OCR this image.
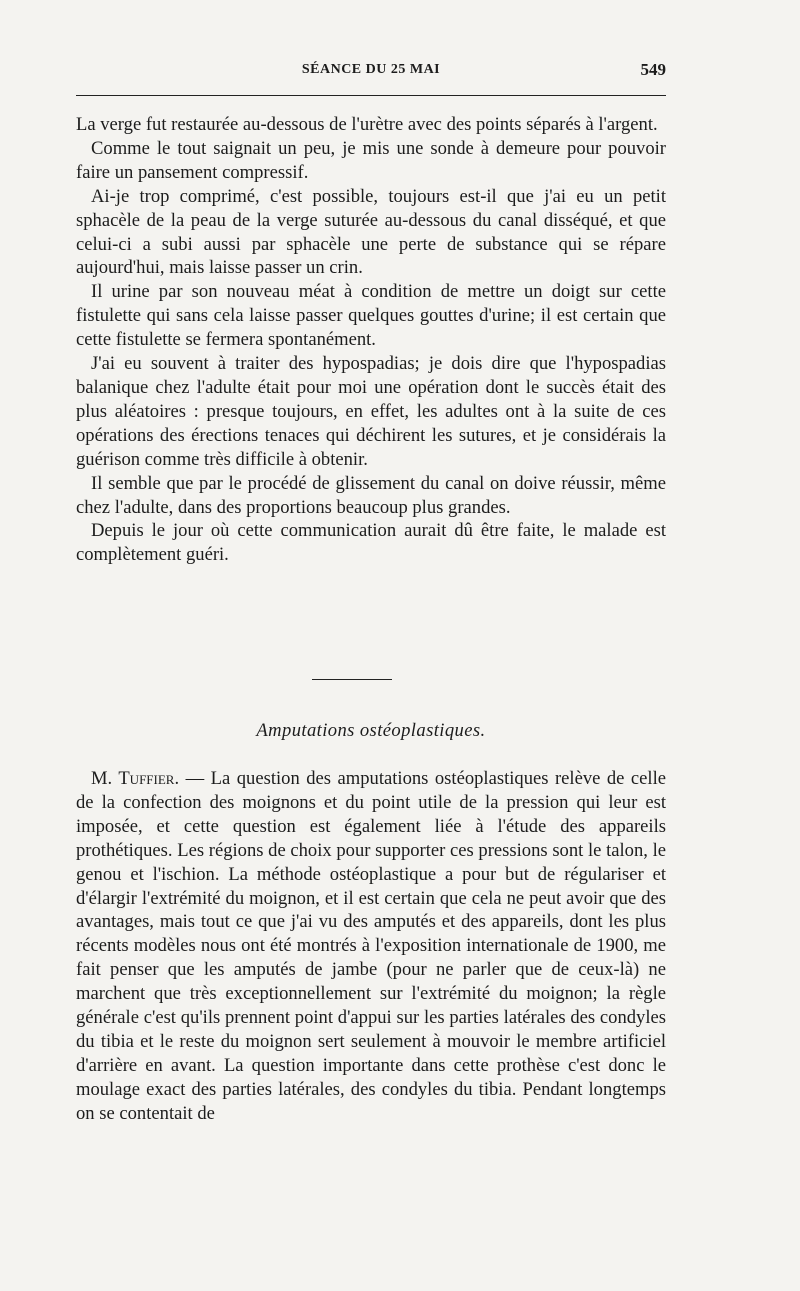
SÉANCE DU 25 MAI	549

La verge fut restaurée au-dessous de l'urètre avec des points séparés à l'argent.

Comme le tout saignait un peu, je mis une sonde à demeure pour pouvoir faire un pansement compressif.

Ai-je trop comprimé, c'est possible, toujours est-il que j'ai eu un petit sphacèle de la peau de la verge suturée au-dessous du canal disséqué, et que celui-ci a subi aussi par sphacèle une perte de substance qui se répare aujourd'hui, mais laisse passer un crin.

Il urine par son nouveau méat à condition de mettre un doigt sur cette fistulette qui sans cela laisse passer quelques gouttes d'urine; il est certain que cette fistulette se fermera spontanément.

J'ai eu souvent à traiter des hypospadias; je dois dire que l'hypospadias balanique chez l'adulte était pour moi une opération dont le succès était des plus aléatoires : presque toujours, en effet, les adultes ont à la suite de ces opérations des érections tenaces qui déchirent les sutures, et je considérais la guérison comme très difficile à obtenir.

Il semble que par le procédé de glissement du canal on doive réussir, même chez l'adulte, dans des proportions beaucoup plus grandes.

Depuis le jour où cette communication aurait dû être faite, le malade est complètement guéri.

Amputations ostéoplastiques.

M. Tuffier. — La question des amputations ostéoplastiques relève de celle de la confection des moignons et du point utile de la pression qui leur est imposée, et cette question est également liée à l'étude des appareils prothétiques. Les régions de choix pour supporter ces pressions sont le talon, le genou et l'ischion. La méthode ostéoplastique a pour but de régulariser et d'élargir l'extrémité du moignon, et il est certain que cela ne peut avoir que des avantages, mais tout ce que j'ai vu des amputés et des appareils, dont les plus récents modèles nous ont été montrés à l'exposition internationale de 1900, me fait penser que les amputés de jambe (pour ne parler que de ceux-là) ne marchent que très exceptionnellement sur l'extrémité du moignon; la règle générale c'est qu'ils prennent point d'appui sur les parties latérales des condyles du tibia et le reste du moignon sert seulement à mouvoir le membre artificiel d'arrière en avant. La question importante dans cette prothèse c'est donc le moulage exact des parties latérales, des condyles du tibia. Pendant longtemps on se contentait de
